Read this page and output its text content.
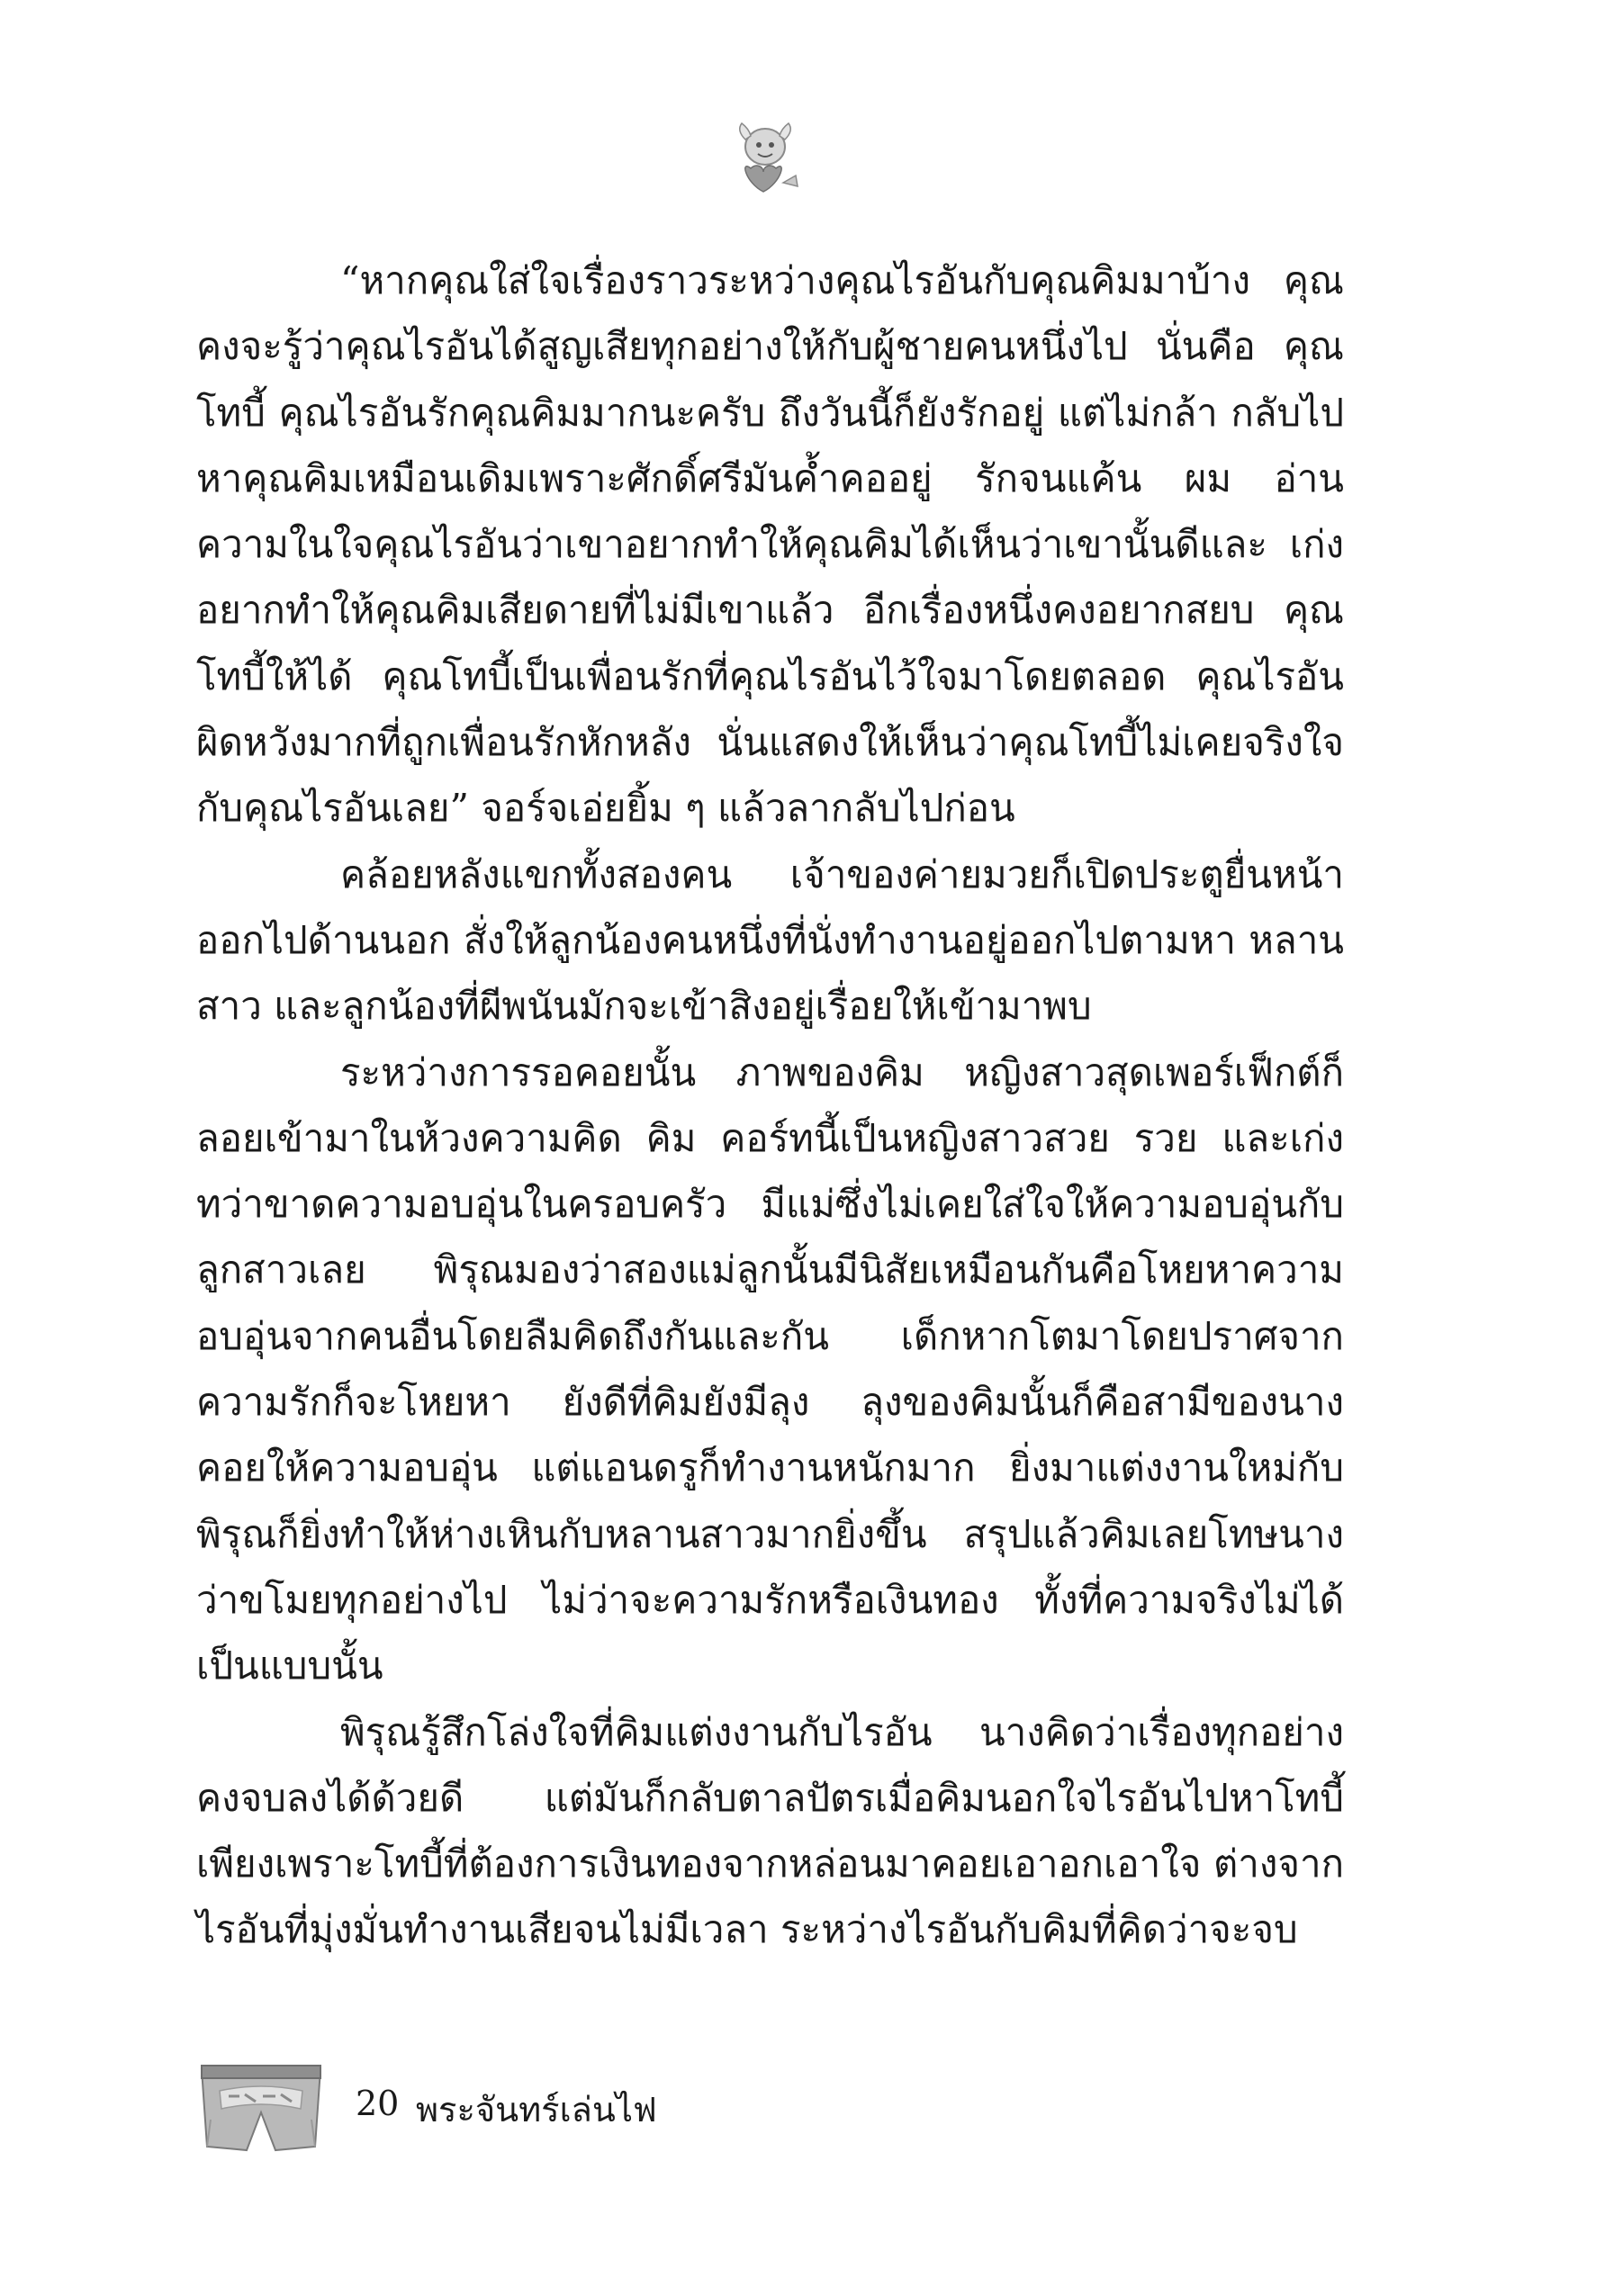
“หากคุณใส่ใจเรื่องราวระหว่างคุณไรอันกับคุณคิมมาบ้าง คุณคงจะรู้ว่าคุณไรอันได้สูญเสียทุกอย่างให้กับผู้ชายคนหนึ่งไป นั่นคือ คุณโทบี้ คุณไรอันรักคุณคิมมากนะครับ ถึงวันนี้ก็ยังรักอยู่ แต่ไม่กล้า กลับไปหาคุณคิมเหมือนเดิมเพราะศักดิ์ศรีมันค้ำคออยู่ รักจนแค้น ผม อ่านความในใจคุณไรอันว่าเขาอยากทำให้คุณคิมได้เห็นว่าเขานั้นดีและ เก่ง อยากทำให้คุณคิมเสียดายที่ไม่มีเขาแล้ว อีกเรื่องหนึ่งคงอยากสยบ คุณโทบี้ให้ได้ คุณโทบี้เป็นเพื่อนรักที่คุณไรอันไว้ใจมาโดยตลอด คุณไรอัน ผิดหวังมากที่ถูกเพื่อนรักหักหลัง นั่นแสดงให้เห็นว่าคุณโทบี้ไม่เคยจริงใจ กับคุณไรอันเลย” จอร์จเอ่ยยิ้ม ๆ แล้วลากลับไปก่อน

คล้อยหลังแขกทั้งสองคน เจ้าของค่ายมวยก็เปิดประตูยื่นหน้า ออกไปด้านนอก สั่งให้ลูกน้องคนหนึ่งที่นั่งทำงานอยู่ออกไปตามหา หลานสาว และลูกน้องที่ผีพนันมักจะเข้าสิงอยู่เรื่อยให้เข้ามาพบ

ระหว่างการรอคอยนั้น ภาพของคิม หญิงสาวสุดเพอร์เฟ็กต์ก็ ลอยเข้ามาในห้วงความคิด คิม คอร์ทนี้เป็นหญิงสาวสวย รวย และเก่ง ทว่าขาดความอบอุ่นในครอบครัว มีแม่ซึ่งไม่เคยใส่ใจให้ความอบอุ่นกับ ลูกสาวเลย พิรุณมองว่าสองแม่ลูกนั้นมีนิสัยเหมือนกันคือโหยหาความ อบอุ่นจากคนอื่นโดยลืมคิดถึงกันและกัน เด็กหากโตมาโดยปราศจาก ความรักก็จะโหยหา ยังดีที่คิมยังมีลุง ลุงของคิมนั้นก็คือสามีของนาง คอยให้ความอบอุ่น แต่แอนดรูก็ทำงานหนักมาก ยิ่งมาแต่งงานใหม่กับ พิรุณก็ยิ่งทำให้ห่างเหินกับหลานสาวมากยิ่งขึ้น สรุปแล้วคิมเลยโทษนาง ว่าขโมยทุกอย่างไป ไม่ว่าจะความรักหรือเงินทอง ทั้งที่ความจริงไม่ได้ เป็นแบบนั้น

พิรุณรู้สึกโล่งใจที่คิมแต่งงานกับไรอัน นางคิดว่าเรื่องทุกอย่าง คงจบลงได้ด้วยดี แต่มันก็กลับตาลปัตรเมื่อคิมนอกใจไรอันไปหาโทบี้ เพียงเพราะโทบี้ที่ต้องการเงินทองจากหล่อนมาคอยเอาอกเอาใจ ต่างจาก ไรอันที่มุ่งมั่นทำงานเสียจนไม่มีเวลา ระหว่างไรอันกับคิมที่คิดว่าจะจบ

20 พระจันทร์เล่นไฟ
